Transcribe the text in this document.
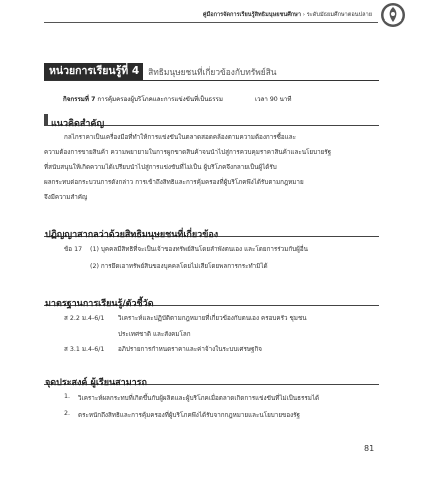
คู่มือการจัดการเรียนรู้สิทธิมนุษยชนศึกษา › ระดับมัธยมศึกษาตอนปลาย
หน่วยการเรียนรู้ที่ 4	สิทธิมนุษยชนที่เกี่ยวข้องกับทรัพย์สิน
กิจกรรมที่ 7 การคุ้มครองผู้บริโภคและการแข่งขันที่เป็นธรรม	เวลา 90 นาที
แนวคิดสำคัญ
กลไกราคาเป็นเครื่องมือที่ทำให้การแข่งขันในตลาดสอดคล้องตามความต้องการซื้อและ
ความต้องการขายสินค้า ความพยายามในการผูกขาดสินค้าจนนำไปสู่การควบคุมราคาสินค้าและนโยบายรัฐ
ที่สนับสนุนให้เกิดความได้เปรียบนำไปสู่การแข่งขันที่ไม่เป็น ผู้บริโภคจึงกลายเป็นผู้ได้รับ
ผลกระทบต่อกระบวนการดังกล่าว การเข้าถึงสิทธิและการคุ้มครองที่ผู้บริโภคพึงได้รับตามกฎหมาย
จึงมีความสำคัญ
ปฏิญญาสากลว่าด้วยสิทธิมนุษยชนที่เกี่ยวข้อง
ข้อ 17 (1) บุคคลมีสิทธิที่จะเป็นเจ้าของทรัพย์สินโดยลำพังตนเอง และโดยการร่วมกับผู้อื่น
(2) การยึดเอาทรัพย์สินของบุคคลโดยไม่เสียโดยพลการกระทำมิได้
มาตรฐานการเรียนรู้/ตัวชี้วัด
ส 2.2 ม.4-6/1 วิเคราะห์และปฏิบัติตามกฎหมายที่เกี่ยวข้องกับตนเอง ครอบครัว ชุมชน
ประเทศชาติ และสังคมโลก
ส 3.1 ม.4-6/1 อภิปรายการกำหนดราคาและค่าจ้างในระบบเศรษฐกิจ
จุดประสงค์ ผู้เรียนสามารถ
1. วิเคราะห์ผลกระทบที่เกิดขึ้นกับผู้ผลิตและผู้บริโภคเมื่อตลาดเกิดการแข่งขันที่ไม่เป็นธรรมได้
2. ตระหนักถึงสิทธิและการคุ้มครองที่ผู้บริโภคพึงได้รับจากกฎหมายและนโยบายของรัฐ
81
